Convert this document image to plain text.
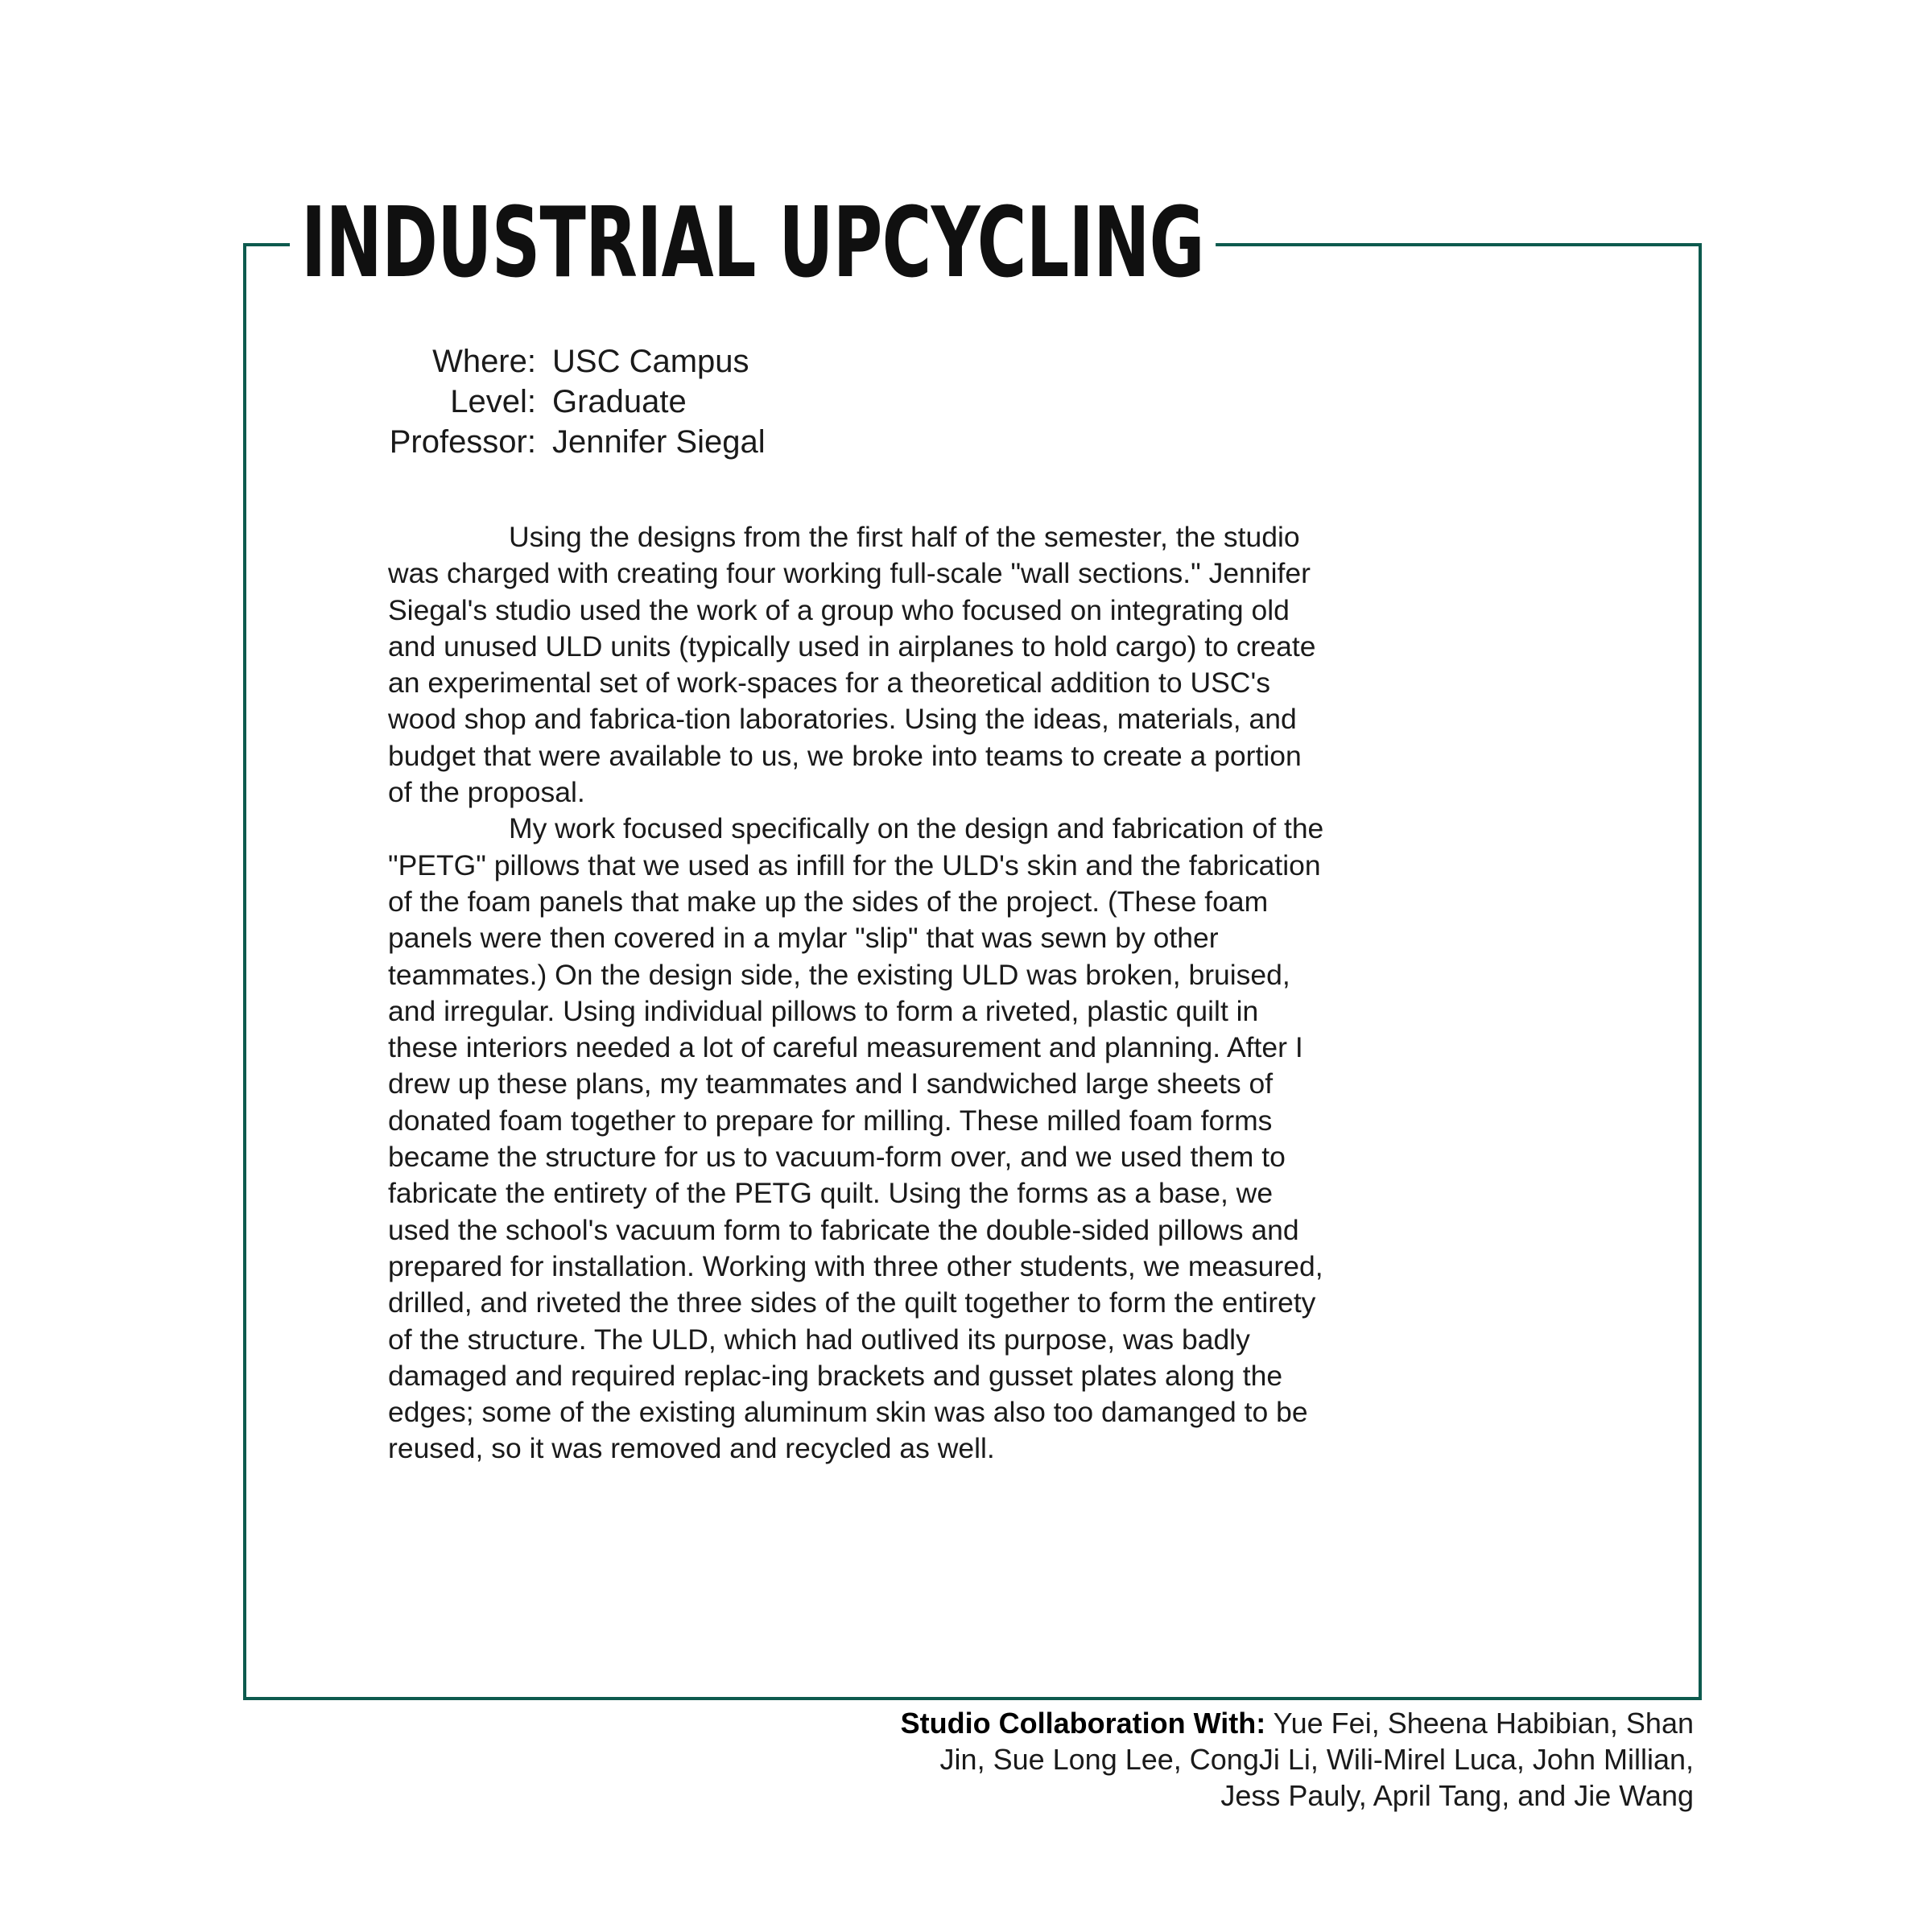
INDUSTRIAL UPCYCLING
Where: USC Campus
Level: Graduate
Professor: Jennifer Siegal

Using the designs from the first half of the semester, the studio was charged with creating four working full-scale "wall sections." Jennifer Siegal's studio used the work of a group who focused on integrating old and unused ULD units (typically used in airplanes to hold cargo) to create an experimental set of work-spaces for a theoretical addition to USC's wood shop and fabrica-tion laboratories. Using the ideas, materials, and budget that were available to us, we broke into teams to create a portion of the proposal.

My work focused specifically on the design and fabrication of the "PETG" pillows that we used as infill for the ULD's skin and the fabrication of the foam panels that make up the sides of the project. (These foam panels were then covered in a mylar "slip" that was sewn by other teammates.) On the design side, the existing ULD was broken, bruised, and irregular. Using individual pillows to form a riveted, plastic quilt in these interiors needed a lot of careful measurement and planning. After I drew up these plans, my teammates and I sandwiched large sheets of donated foam together to prepare for milling. These milled foam forms became the structure for us to vacuum-form over, and we used them to fabricate the entirety of the PETG quilt. Using the forms as a base, we used the school's vacuum form to fabricate the double-sided pillows and prepared for installation. Working with three other students, we measured, drilled, and riveted the three sides of the quilt together to form the entirety of the structure. The ULD, which had outlived its purpose, was badly damaged and required replac-ing brackets and gusset plates along the edges; some of the existing aluminum skin was also too damanged to be reused, so it was removed and recycled as well.

Studio Collaboration With: Yue Fei, Sheena Habibian, Shan Jin, Sue Long Lee, CongJi Li, Wili-Mirel Luca, John Millian, Jess Pauly, April Tang, and Jie Wang
